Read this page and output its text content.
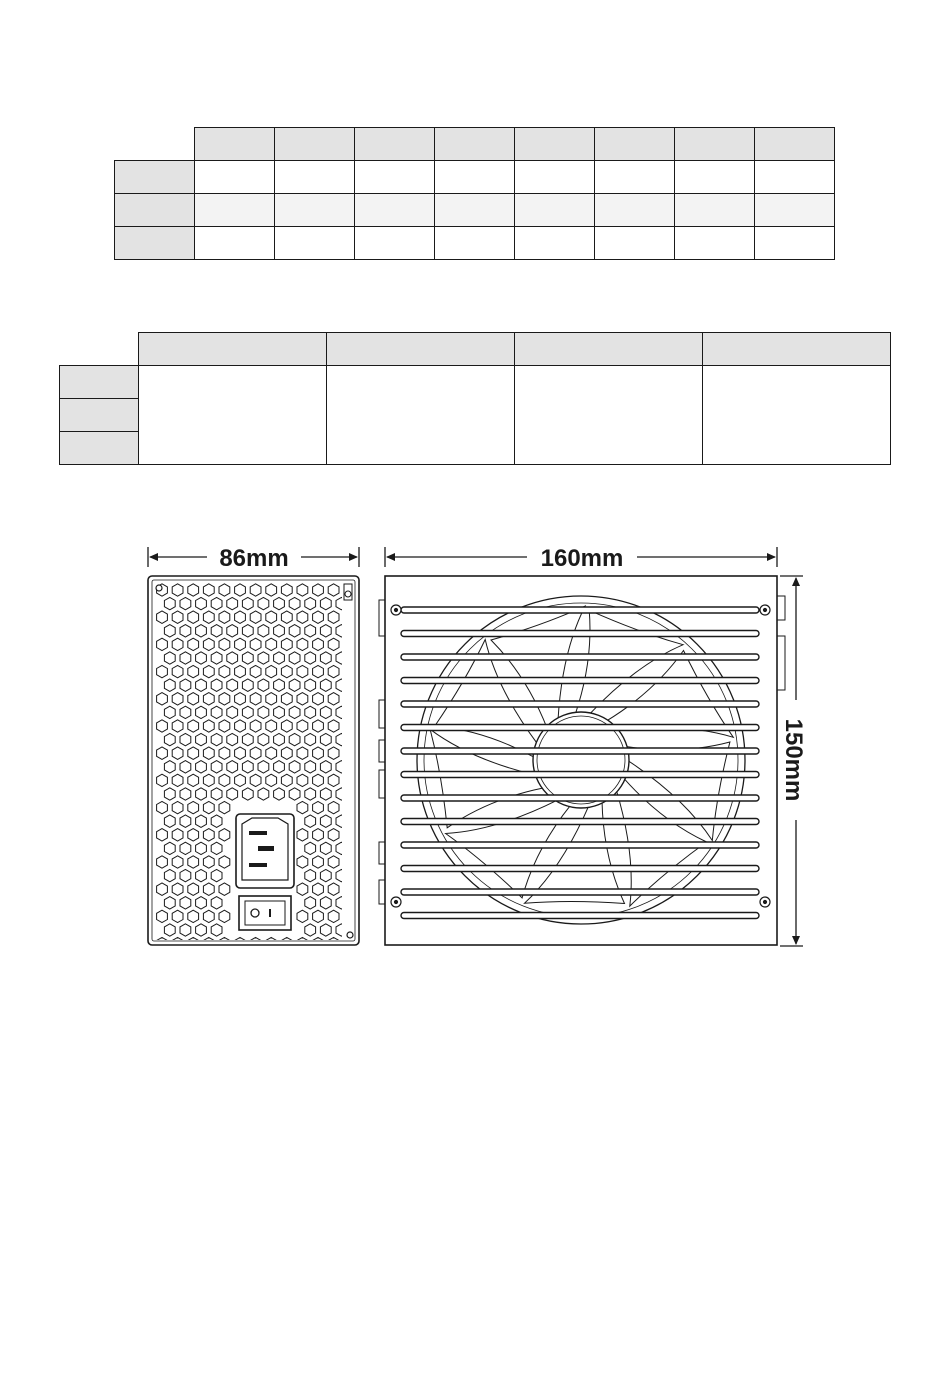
86mm	160mm
150mm
